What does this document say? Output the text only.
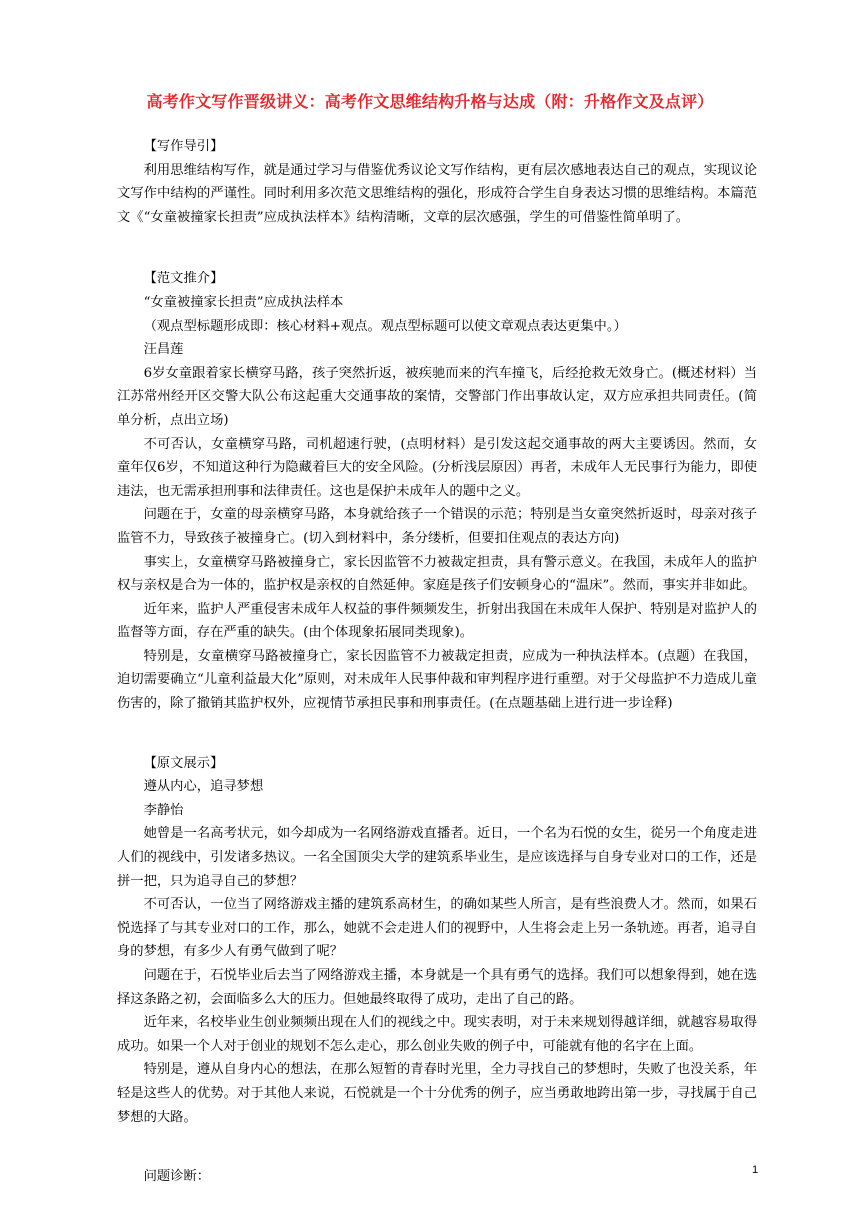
高考作文写作晋级讲义：高考作文思维结构升格与达成（附：升格作文及点评）

【写作导引】

利用思维结构写作，就是通过学习与借鉴优秀议论文写作结构，更有层次感地表达自己的观点，实现议论文写作中结构的严谨性。同时利用多次范文思维结构的强化，形成符合学生自身表达习惯的思维结构。本篇范文《“女童被撞家长担责”应成执法样本》结构清晰，文章的层次感强，学生的可借鉴性简单明了。

【范文推介】

“女童被撞家长担责”应成执法样本

（观点型标题形成即：核心材料+观点。观点型标题可以使文章观点表达更集中。）

汪昌莲

6岁女童跟着家长横穿马路，孩子突然折返，被疾驰而来的汽车撞飞，后经抢救无效身亡。(概述材料）当江苏常州经开区交警大队公布这起重大交通事故的案情，交警部门作出事故认定，双方应承担共同责任。(简单分析，点出立场)

不可否认，女童横穿马路，司机超速行驶，(点明材料）是引发这起交通事故的两大主要诱因。然而，女童年仅6岁，不知道这种行为隐藏着巨大的安全风险。(分析浅层原因）再者，未成年人无民事行为能力，即使违法，也无需承担刑事和法律责任。这也是保护未成年人的题中之义。

问题在于，女童的母亲横穿马路，本身就给孩子一个错误的示范；特别是当女童突然折返时，母亲对孩子监管不力，导致孩子被撞身亡。(切入到材料中，条分缕析，但要扣住观点的表达方向)

事实上，女童横穿马路被撞身亡，家长因监管不力被裁定担责，具有警示意义。在我国，未成年人的监护权与亲权是合为一体的，监护权是亲权的自然延伸。家庭是孩子们安顿身心的“温床”。然而，事实并非如此。

近年来，监护人严重侵害未成年人权益的事件频频发生，折射出我国在未成年人保护、特别是对监护人的监督等方面，存在严重的缺失。(由个体现象拓展同类现象)。

特别是，女童横穿马路被撞身亡，家长因监管不力被裁定担责，应成为一种执法样本。(点题）在我国，迫切需要确立“儿童利益最大化”原则，对未成年人民事仲裁和审判程序进行重塑。对于父母监护不力造成儿童伤害的，除了撤销其监护权外，应视情节承担民事和刑事责任。(在点题基础上进行进一步诠释)

【原文展示】

遵从内心，追寻梦想

李静怡

她曾是一名高考状元，如今却成为一名网络游戏直播者。近日，一个名为石悦的女生，從另一个角度走进人们的视线中，引发诸多热议。一名全国顶尖大学的建筑系毕业生，是应该选择与自身专业对口的工作，还是拼一把，只为追寻自己的梦想？

不可否认，一位当了网络游戏主播的建筑系高材生，的确如某些人所言，是有些浪费人才。然而，如果石悦选择了与其专业对口的工作，那么，她就不会走进人们的视野中，人生将会走上另一条轨迹。再者，追寻自身的梦想，有多少人有勇气做到了呢？

问题在于，石悦毕业后去当了网络游戏主播，本身就是一个具有勇气的选择。我们可以想象得到，她在选择这条路之初，会面临多么大的压力。但她最终取得了成功，走出了自己的路。

近年来，名校毕业生创业频频出现在人们的视线之中。现实表明，对于未来规划得越详细，就越容易取得成功。如果一个人对于创业的规划不怎么走心，那么创业失败的例子中，可能就有他的名字在上面。

特别是，遵从自身内心的想法，在那么短暂的青春时光里，全力寻找自己的梦想时，失败了也没关系，年轻是这些人的优势。对于其他人来说，石悦就是一个十分优秀的例子，应当勇敢地跨出第一步，寻找属于自己梦想的大路。

问题诊断：	1
